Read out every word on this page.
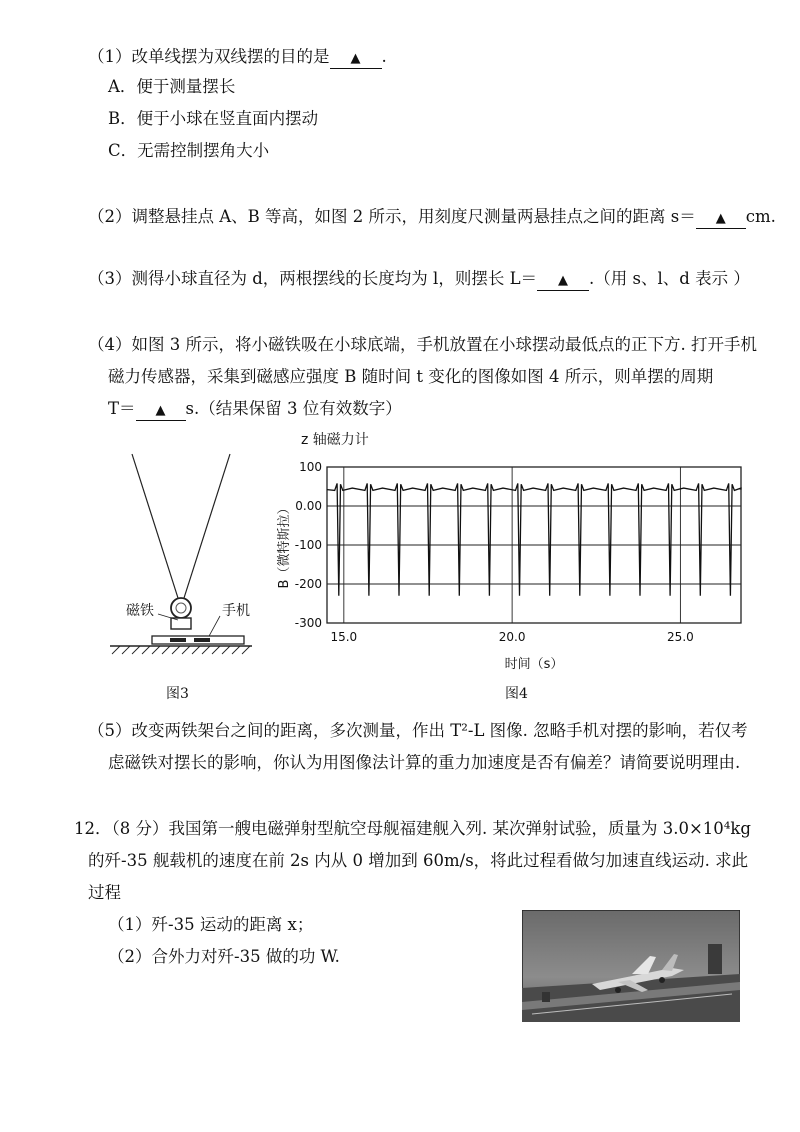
（1）改单线摆为双线摆的目的是 ▲ .
A．便于测量摆长
B．便于小球在竖直面内摆动
C．无需控制摆角大小
（2）调整悬挂点 A、B 等高，如图 2 所示，用刻度尺测量两悬挂点之间的距离 s＝ ▲ cm.
（3）测得小球直径为 d，两根摆线的长度均为 l，则摆长 L＝ ▲ .（用 s、l、d 表示 ）
（4）如图 3 所示，将小磁铁吸在小球底端，手机放置在小球摆动最低点的正下方. 打开手机
磁力传感器，采集到磁感应强度 B 随时间 t 变化的图像如图 4 所示，则单摆的周期
T＝ ▲ s.（结果保留 3 位有效数字）
磁铁	手机
图3
z 轴磁力计
100
0.00
-100
-200
-300
15.0	20.0	25.0
时间（s）
B（微特斯拉）
图4
（5）改变两铁架台之间的距离，多次测量，作出 T²-L 图像. 忽略手机对摆的影响，若仅考
虑磁铁对摆长的影响，你认为用图像法计算的重力加速度是否有偏差？请简要说明理由.
12．（8 分）我国第一艘电磁弹射型航空母舰福建舰入列. 某次弹射试验，质量为 3.0×10⁴kg
的歼-35 舰载机的速度在前 2s 内从 0 增加到 60m/s，将此过程看做匀加速直线运动. 求此
过程
（1）歼-35 运动的距离 x；
（2）合外力对歼-35 做的功 W.
